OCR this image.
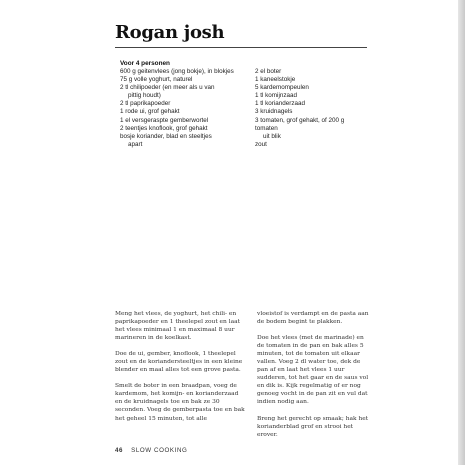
Rogan josh
Voor 4 personen
600 g geitenvlees (jong bokje), in blokjes
75 g volle yoghurt, naturel
2 tl chilipoeder (en meer als u van
pittig houdt)
2 tl paprikapoeder
1 rode ui, grof gehakt
1 el versgeraspte gemberwortel
2 teentjes knoflook, grof gehakt
bosje koriander, blad en steeltjes
apart
2 el boter
1 kaneelstokje
5 kardemompeulen
1 tl komijnzaad
1 tl korianderzaad
3 kruidnagels
3 tomaten, grof gehakt, of 200 g tomaten
uit blik
zout

Meng het vlees, de yoghurt, het chili- en paprikapoeder en 1 theelepel zout en laat het vlees minimaal 1 en maximaal 8 uur marineren in de koelkast.

Doe de ui, gember, knoflook, 1 theelepel zout en de koriandersteeltjes in een kleine blender en maal alles tot een grove pasta.

Smelt de boter in een braadpan, voeg de kardemom, het komijn- en korianderzaad en de kruidnagels toe en bak ze 30 seconden. Voeg de gemberpasta toe en bak het geheel 15 minuten, tot alle

vloeistof is verdampt en de pasta aan de bodem begint te plakken.

Doe het vlees (met de marinade) en de tomaten in de pan en bak alles 5 minuten, tot de tomaten uit elkaar vallen. Voeg 2 dl water toe, dek de pan af en laat het vlees 1 uur sudderen, tot het gaar en de saus vol en dik is. Kijk regelmatig of er nog genoeg vocht in de pan zit en vul dat indien nodig aan.

Breng het gerecht op smaak; hak het korianderblad grof en strooi het erover.

46 SLOW COOKING
